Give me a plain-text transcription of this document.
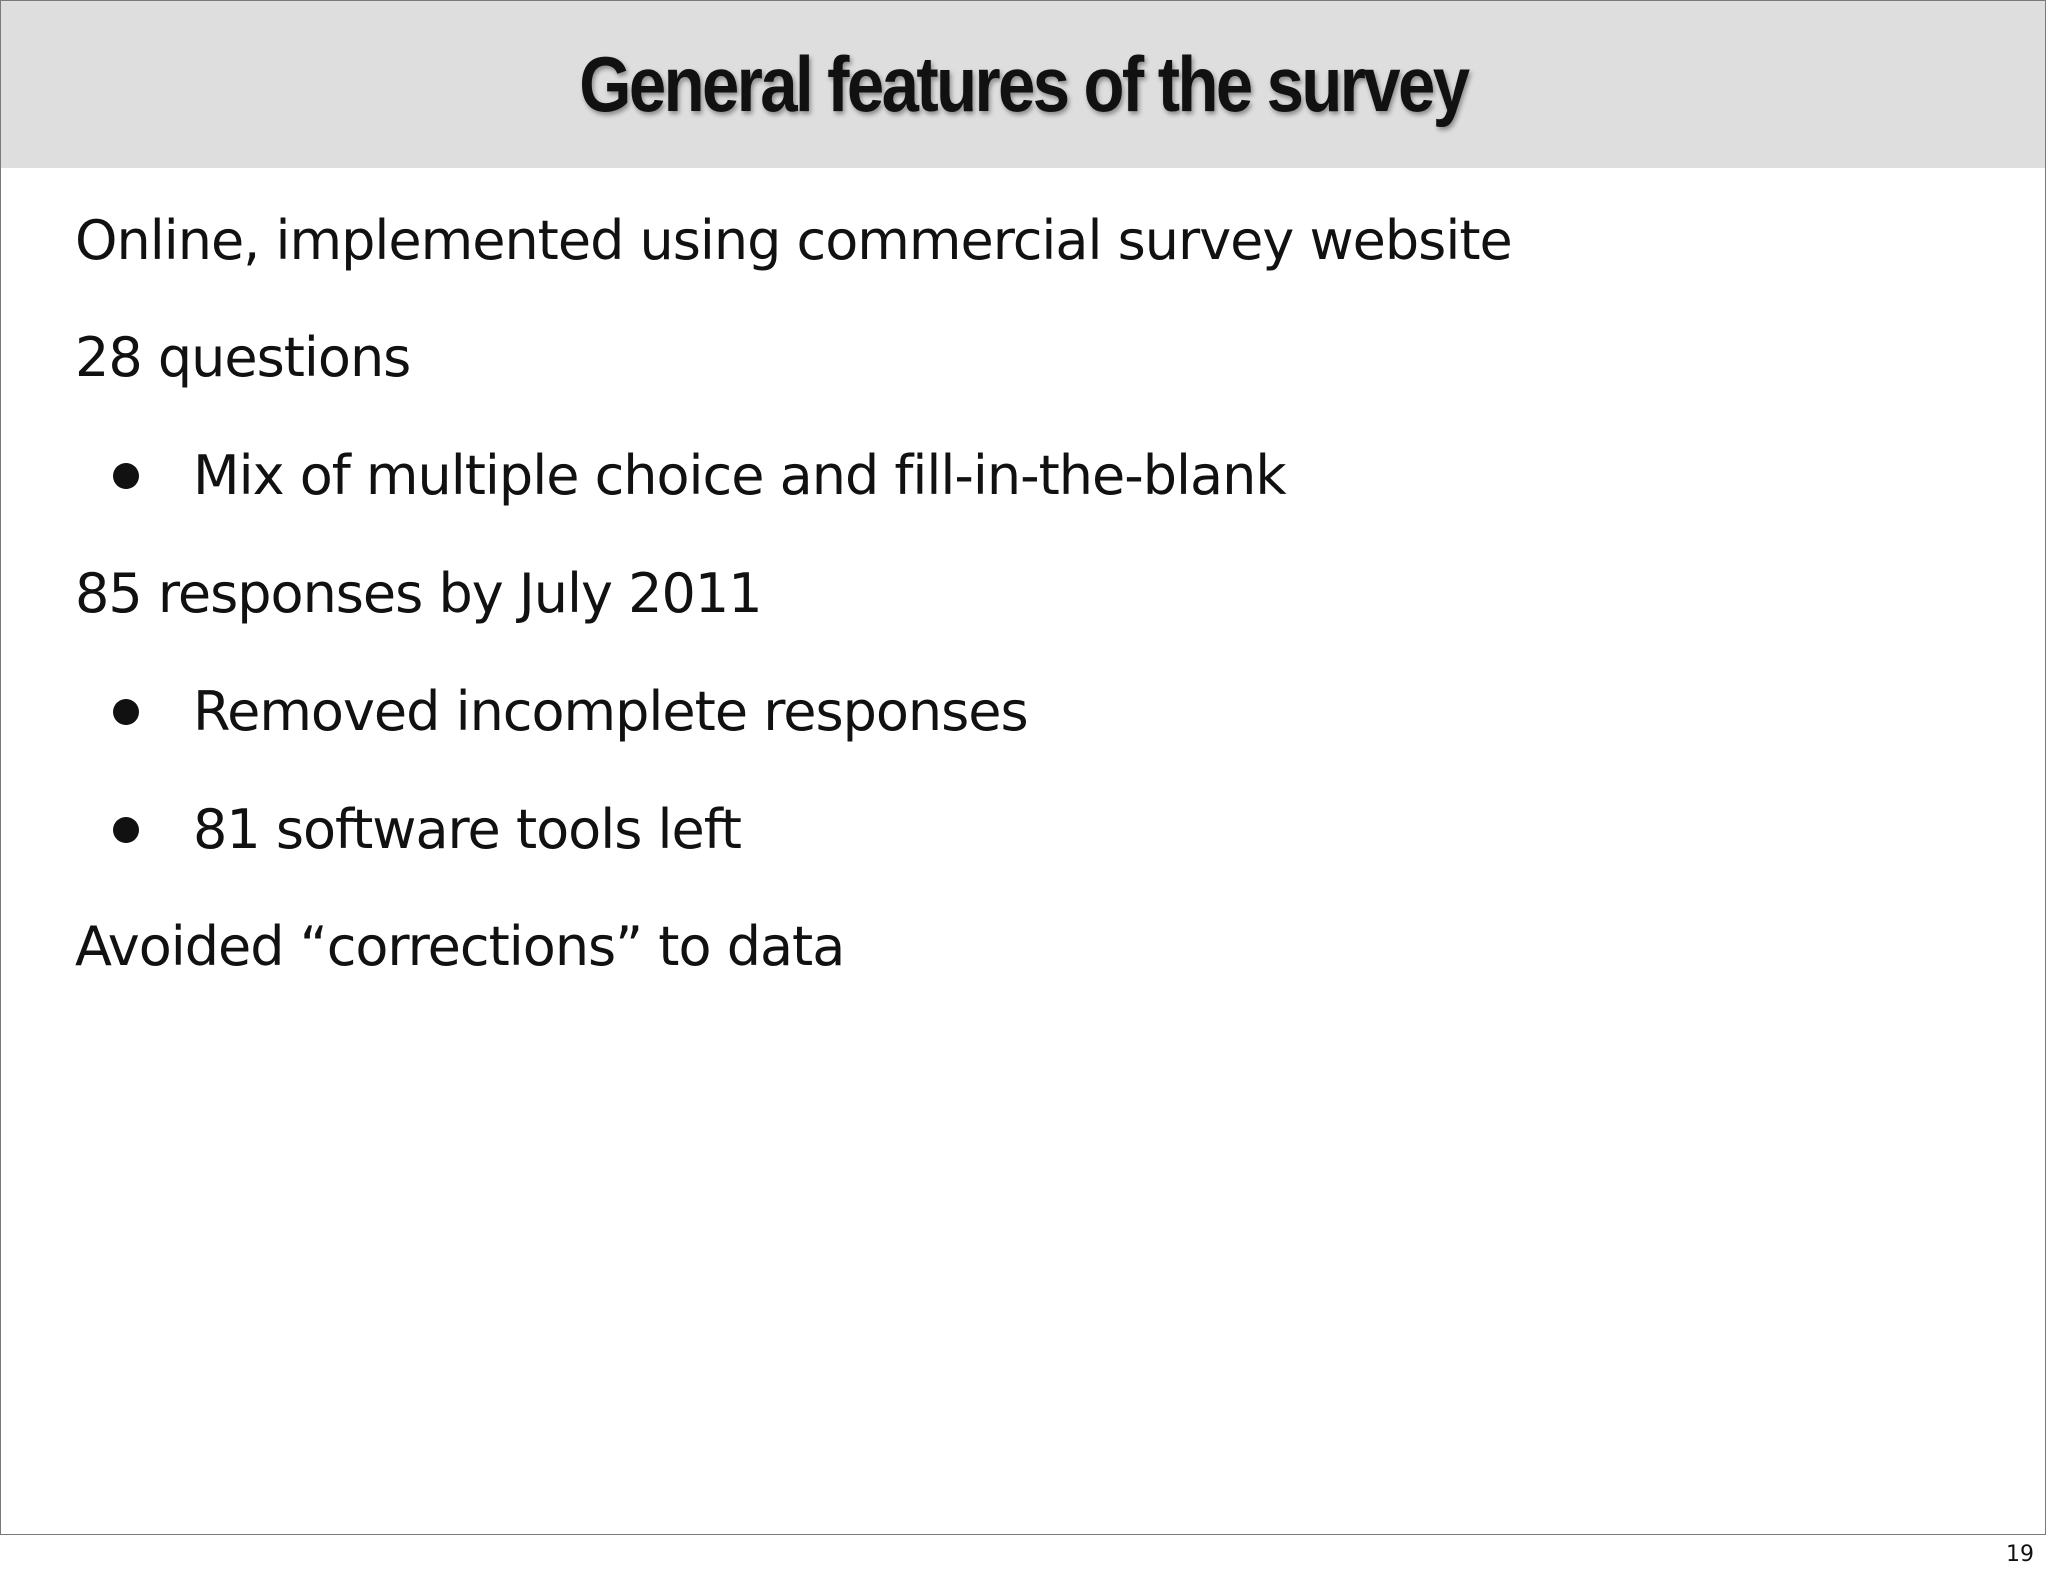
General features of the survey
Online, implemented using commercial survey website
28 questions
Mix of multiple choice and fill-in-the-blank
85 responses by July 2011
Removed incomplete responses
81 software tools left
Avoided “corrections” to data
19
